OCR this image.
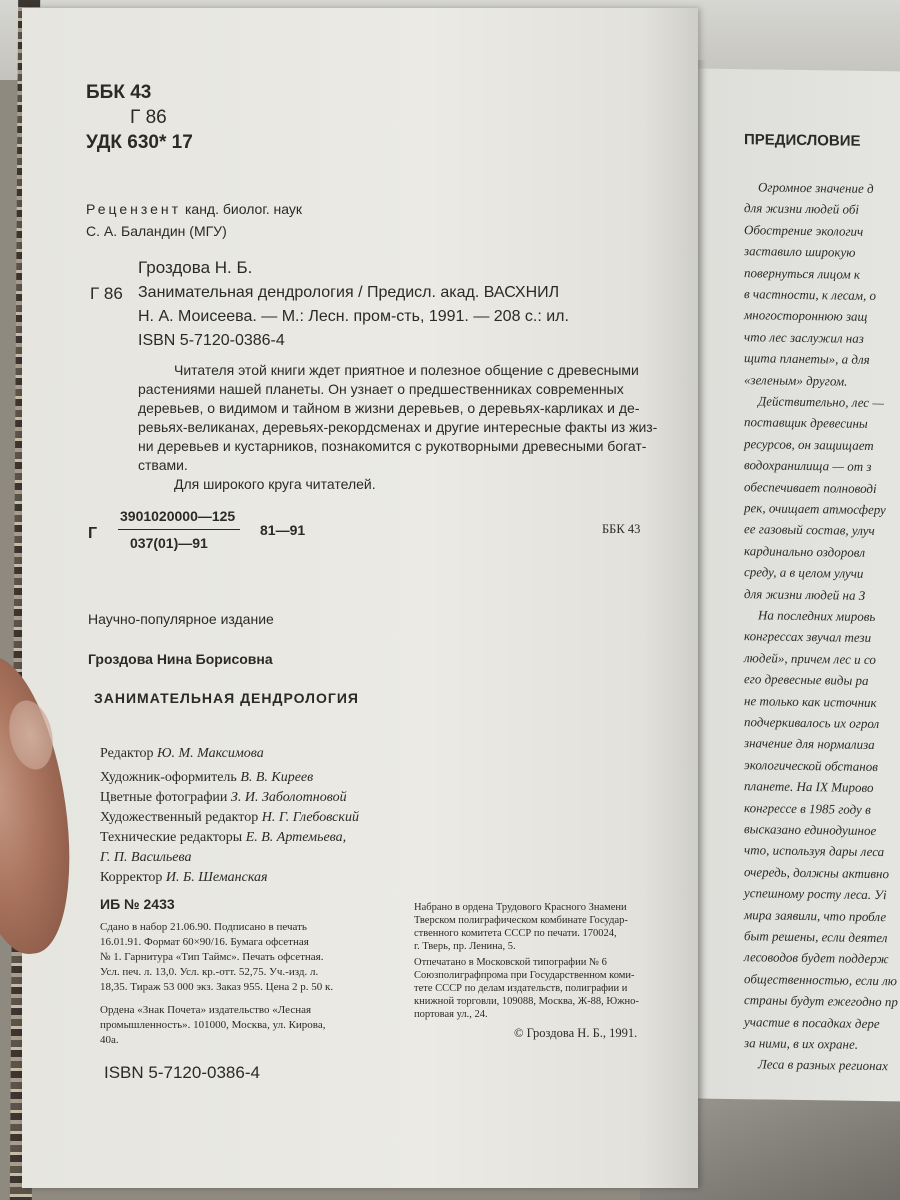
ПРЕДИСЛОВИЕ
Огромное значение д
для жизни людей обі
Обострение экологич
заставило широкую
повернуться лицом к
в частности, к лесам, о
многостороннюю защ
что лес заслужил наз
щита планеты», а для
«зеленым» другом.
Действительно, лес —
поставщик древесины
ресурсов, он защищает
водохранилища — от з
обеспечивает полноводі
рек, очищает атмосферу
ее газовый состав, улуч
кардинально оздоровл
среду, а в целом улучи
для жизни людей на З
На последних мировь
конгрессах звучал тези
людей», причем лес и со
его древесные виды ра
не только как источник
подчеркивалось их огрол
значение для нормализа
экологической обстанов
планете. На IX Мирово
конгрессе в 1985 году в
высказано единодушное
что, используя дары леса
очередь, должны активно
успешному росту леса. Уі
мира заявили, что пробле
быт решены, если деятел
лесоводов будет поддерж
общественностью, если лю
страны будут ежегодно пр
участие в посадках дере
за нимu, в их охране.
Леса в разных регионах
ББК 43
Г 86
УДК 630* 17
Рецензент канд. биолог. наук
С. А. Баландин (МГУ)
Гроздова Н. Б.
Г 86 Занимательная дендрология / Предисл. акад. ВАСХНИЛ
Н. А. Моисеева. — М.: Лесн. пром-сть, 1991. — 208 с.: ил.
ISBN 5-7120-0386-4
Читателя этой книги ждет приятное и полезное общение с древесными
растениями нашей планеты. Он узнает о предшественниках современных
деревьев, о видимом и тайном в жизни деревьев, о деревьях-карликах и де-
ревьях-великанах, деревьях-рекордсменах и другие интересные факты из жиз-
ни деревьев и кустарников, познакомится с рукотворными древесными богат-
ствами.
Для широкого круга читателей.
Г
3901020000—125
037(01)—91
81—91	ББК 43
Научно-популярное издание
Гроздова Нина Борисовна
ЗАНИМАТЕЛЬНАЯ ДЕНДРОЛОГИЯ
Редактор Ю. М. Максимова
Художник-оформитель В. В. Киреев
Цветные фотографии З. И. Заболотновой
Художественный редактор Н. Г. Глебовский
Технические редакторы Е. В. Артемьева,
Г. П. Васильева
Корректор И. Б. Шеманская
ИБ № 2433
Сдано в набор 21.06.90. Подписано в печать
16.01.91. Формат 60×90/16. Бумага офсетная
№ 1. Гарнитура «Тип Таймс». Печать офсетная.
Усл. печ. л. 13,0. Усл. кр.-отт. 52,75. Уч.-изд. л.
18,35. Тираж 53 000 экз. Заказ 955. Цена 2 р. 50 к.
Ордена «Знак Почета» издательство «Лесная
промышленность». 101000, Москва, ул. Кирова,
40а.
Набрано в ордена Трудового Красного Знамени
Тверском полиграфическом комбинате Государ-
ственного комитета СССР по печати. 170024,
г. Тверь, пр. Ленина, 5.
Отпечатано в Московской типографии № 6
Союзполиграфпрома при Государственном коми-
тете СССР по делам издательств, полиграфии и
книжной торговли, 109088, Москва, Ж-88, Южно-
портовая ул., 24.
© Гроздова Н. Б., 1991.
ISBN 5-7120-0386-4
